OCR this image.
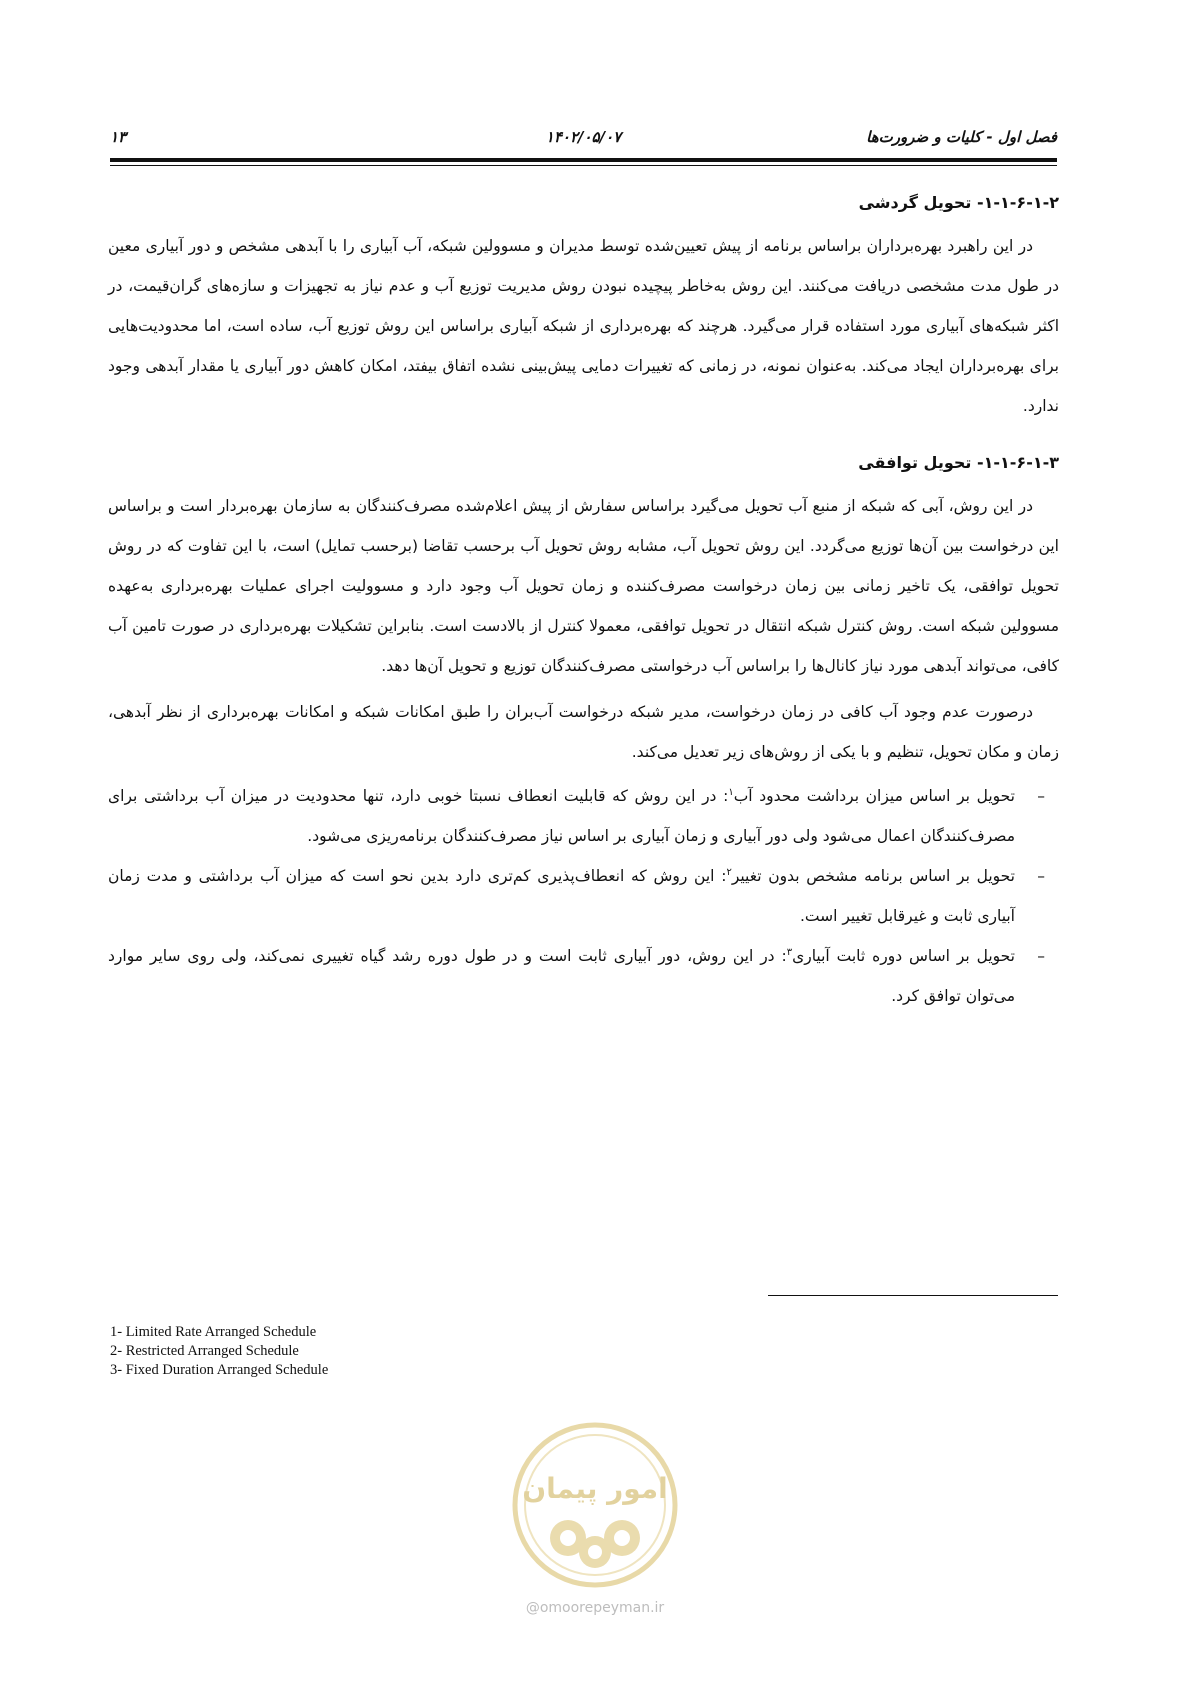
فصل اول - کلیات و ضرورت‌ها
۱۴۰۲/۰۵/۰۷
۱۳
۱-۱-۶-۱-۲- تحویل گردشی

در این راهبرد بهره‌برداران براساس برنامه از پیش تعیین‌شده توسط مدیران و مسوولین شبکه، آب آبیاری را با آبدهی مشخص و دور آبیاری معین در طول مدت مشخصی دریافت می‌کنند. این روش به‌خاطر پیچیده نبودن روش مدیریت توزیع آب و عدم نیاز به تجهیزات و سازه‌های گران‌قیمت، در اکثر شبکه‌های آبیاری مورد استفاده قرار می‌گیرد. هرچند که بهره‌برداری از شبکه آبیاری براساس این روش توزیع آب، ساده است، اما محدودیت‌هایی برای بهره‌برداران ایجاد می‌کند. به‌عنوان نمونه، در زمانی که تغییرات دمایی پیش‌بینی نشده اتفاق بیفتد، امکان کاهش دور آبیاری یا مقدار آبدهی وجود ندارد.

۱-۱-۶-۱-۳- تحویل توافقی

در این روش، آبی که شبکه از منبع آب تحویل می‌گیرد براساس سفارش از پیش اعلام‌شده مصرف‌کنندگان به سازمان بهره‌بردار است و براساس این درخواست بین آن‌ها توزیع می‌گردد. این روش تحویل آب، مشابه روش تحویل آب برحسب تقاضا (برحسب تمایل) است، با این تفاوت که در روش تحویل توافقی، یک تاخیر زمانی بین زمان درخواست مصرف‌کننده و زمان تحویل آب وجود دارد و مسوولیت اجرای عملیات بهره‌برداری به‌عهده مسوولین شبکه است. روش کنترل شبکه انتقال در تحویل توافقی، معمولا کنترل از بالادست است. بنابراین تشکیلات بهره‌برداری در صورت تامین آب کافی، می‌تواند آبدهی مورد نیاز کانال‌ها را براساس آب درخواستی مصرف‌کنندگان توزیع و تحویل آن‌ها دهد.

درصورت عدم وجود آب کافی در زمان درخواست، مدیر شبکه درخواست آب‌بران را طبق امکانات شبکه و امکانات بهره‌برداری از نظر آبدهی، زمان و مکان تحویل، تنظیم و با یکی از روش‌های زیر تعدیل می‌کند.

–
تحویل بر اساس میزان برداشت محدود آب$^۱$: در این روش که قابلیت انعطاف نسبتا خوبی دارد، تنها محدودیت در میزان آب برداشتی برای مصرف‌کنندگان اعمال می‌شود ولی دور آبیاری و زمان آبیاری بر اساس نیاز مصرف‌کنندگان برنامه‌ریزی می‌شود.
–
تحویل بر اساس برنامه مشخص بدون تغییر$^۲$: این روش که انعطاف‌پذیری کم‌تری دارد بدین نحو است که میزان آب برداشتی و مدت زمان آبیاری ثابت و غیرقابل تغییر است.
–
تحویل بر اساس دوره ثابت آبیاری$^۳$: در این روش، دور آبیاری ثابت است و در طول دوره رشد گیاه تغییری نمی‌کند، ولی روی سایر موارد می‌توان توافق کرد.
1- Limited Rate Arranged Schedule
2- Restricted Arranged Schedule
3- Fixed Duration Arranged Schedule
امور پیمان
@omoorepeyman.ir
